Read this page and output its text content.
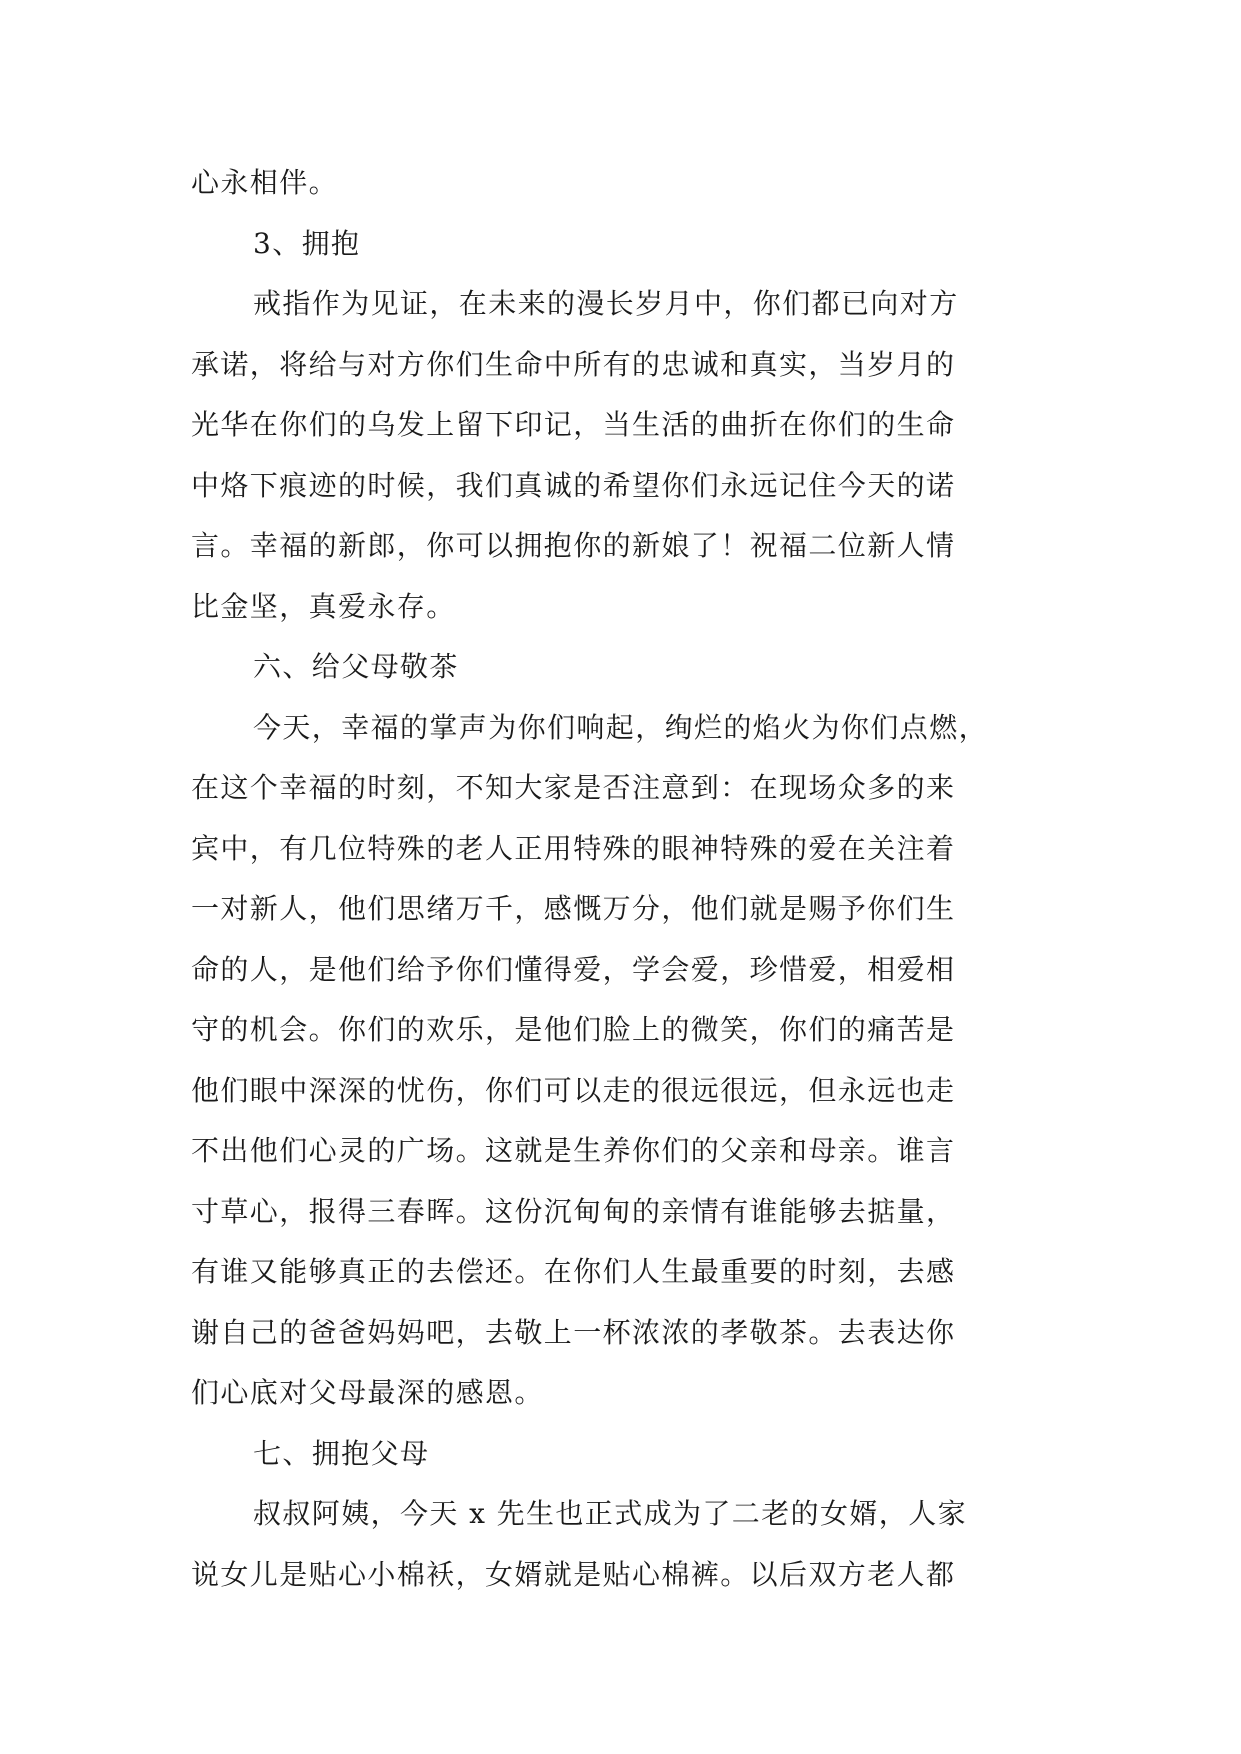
心永相伴。
3、拥抱
戒指作为见证，在未来的漫长岁月中，你们都已向对方
承诺，将给与对方你们生命中所有的忠诚和真实，当岁月的
光华在你们的乌发上留下印记，当生活的曲折在你们的生命
中烙下痕迹的时候，我们真诚的希望你们永远记住今天的诺
言。幸福的新郎，你可以拥抱你的新娘了！祝福二位新人情
比金坚，真爱永存。
六、给父母敬茶
今天，幸福的掌声为你们响起，绚烂的焰火为你们点燃，
在这个幸福的时刻，不知大家是否注意到：在现场众多的来
宾中，有几位特殊的老人正用特殊的眼神特殊的爱在关注着
一对新人，他们思绪万千，感慨万分，他们就是赐予你们生
命的人，是他们给予你们懂得爱，学会爱，珍惜爱，相爱相
守的机会。你们的欢乐，是他们脸上的微笑，你们的痛苦是
他们眼中深深的忧伤，你们可以走的很远很远，但永远也走
不出他们心灵的广场。这就是生养你们的父亲和母亲。谁言
寸草心，报得三春晖。这份沉甸甸的亲情有谁能够去掂量，
有谁又能够真正的去偿还。在你们人生最重要的时刻，去感
谢自己的爸爸妈妈吧，去敬上一杯浓浓的孝敬茶。去表达你
们心底对父母最深的感恩。
七、拥抱父母
叔叔阿姨，今天 x 先生也正式成为了二老的女婿，人家
说女儿是贴心小棉袄，女婿就是贴心棉裤。以后双方老人都
